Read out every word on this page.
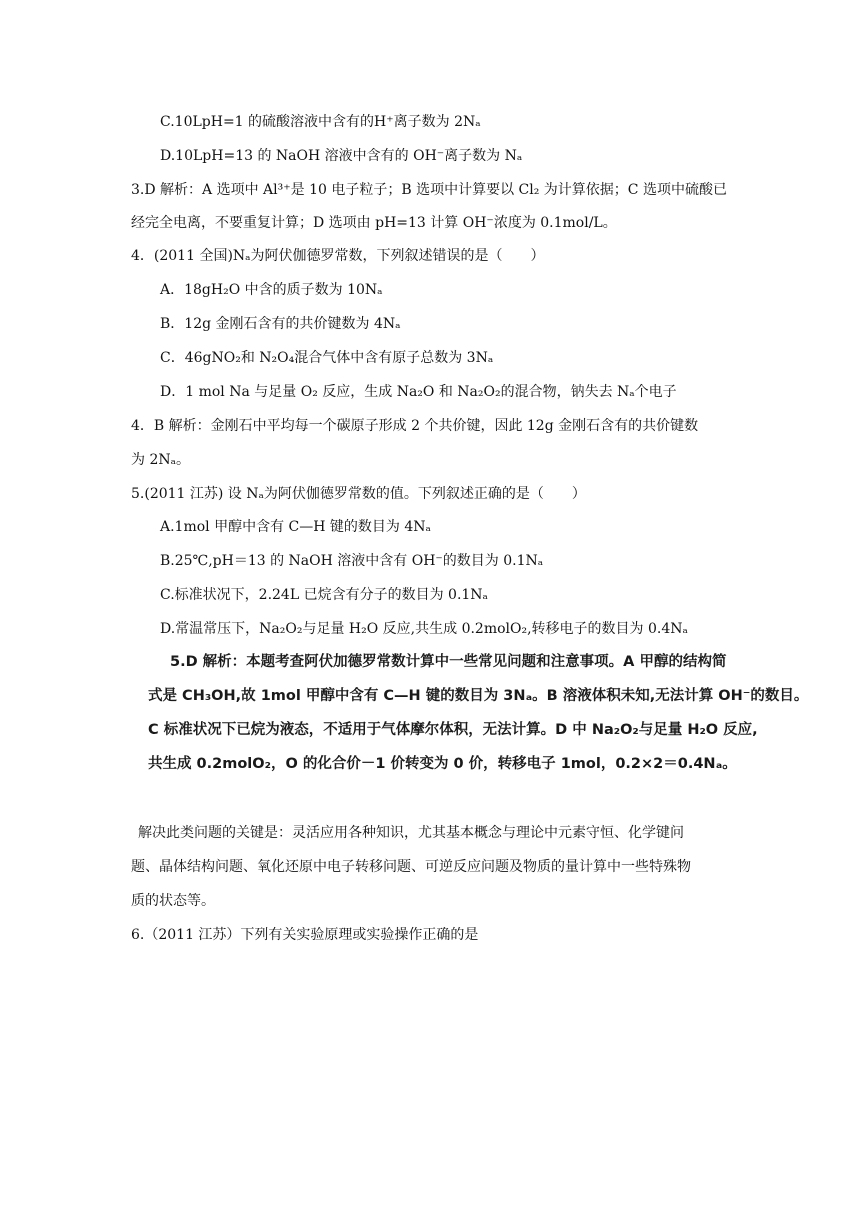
C.10LpH=1 的硫酸溶液中含有的H⁺离子数为 2Nₐ
D.10LpH=13 的 NaOH 溶液中含有的 OH⁻离子数为 Nₐ
3.D 解析：A 选项中 Al³⁺是 10 电子粒子；B 选项中计算要以 Cl₂ 为计算依据；C 选项中硫酸已
经完全电离，不要重复计算；D 选项由 pH=13 计算 OH⁻浓度为 0.1mol/L。
4．(2011 全国)Nₐ为阿伏伽德罗常数，下列叙述错误的是（　　）
A．18gH₂O 中含的质子数为 10Nₐ
B．12g 金刚石含有的共价键数为 4Nₐ
C．46gNO₂和 N₂O₄混合气体中含有原子总数为 3Nₐ
D．1 mol Na 与足量 O₂ 反应，生成 Na₂O 和 Na₂O₂的混合物，钠失去 Nₐ个电子
4．B 解析：金刚石中平均每一个碳原子形成 2 个共价键，因此 12g 金刚石含有的共价键数
为 2Nₐ。
5.(2011 江苏) 设 Nₐ为阿伏伽德罗常数的值。下列叙述正确的是（　　）
A.1mol 甲醇中含有 C—H 键的数目为 4Nₐ
B.25℃,pH＝13 的 NaOH 溶液中含有 OH⁻的数目为 0.1Nₐ
C.标准状况下，2.24L 已烷含有分子的数目为 0.1Nₐ
D.常温常压下，Na₂O₂与足量 H₂O 反应,共生成 0.2molO₂,转移电子的数目为 0.4Nₐ
5.D 解析：本题考查阿伏加德罗常数计算中一些常见问题和注意事项。A 甲醇的结构简
式是 CH₃OH,故 1mol 甲醇中含有 C—H 键的数目为 3Nₐ。B 溶液体积未知,无法计算 OH⁻的数目。
C 标准状况下已烷为液态，不适用于气体摩尔体积，无法计算。D 中 Na₂O₂与足量 H₂O 反应,
共生成 0.2molO₂，O 的化合价－1 价转变为 0 价，转移电子 1mol，0.2×2＝0.4Nₐ。
解决此类问题的关键是：灵活应用各种知识，尤其基本概念与理论中元素守恒、化学键问
题、晶体结构问题、氧化还原中电子转移问题、可逆反应问题及物质的量计算中一些特殊物
质的状态等。
6.（2011 江苏）下列有关实验原理或实验操作正确的是
